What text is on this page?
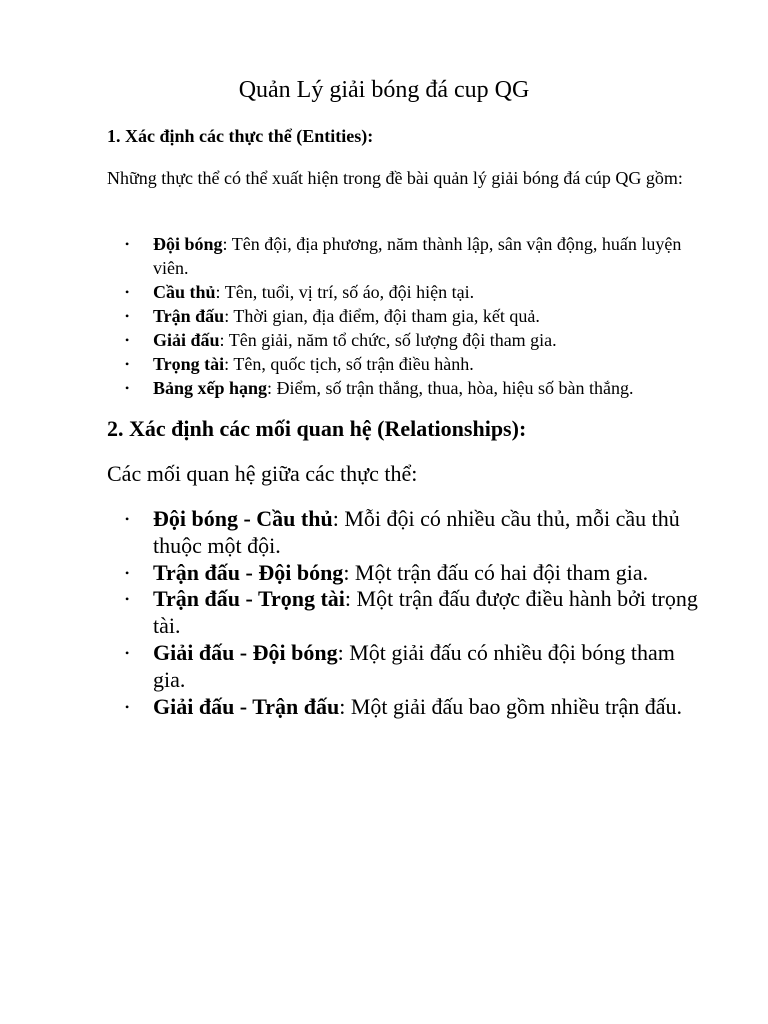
Quản Lý giải bóng đá cup QG
1. Xác định các thực thể (Entities):

Những thực thể có thể xuất hiện trong đề bài quản lý giải bóng đá cúp QG gồm:

• Đội bóng: Tên đội, địa phương, năm thành lập, sân vận động, huấn luyện viên.
• Cầu thủ: Tên, tuổi, vị trí, số áo, đội hiện tại.
• Trận đấu: Thời gian, địa điểm, đội tham gia, kết quả.
• Giải đấu: Tên giải, năm tổ chức, số lượng đội tham gia.
• Trọng tài: Tên, quốc tịch, số trận điều hành.
• Bảng xếp hạng: Điểm, số trận thắng, thua, hòa, hiệu số bàn thắng.
2. Xác định các mối quan hệ (Relationships):

Các mối quan hệ giữa các thực thể:

• Đội bóng - Cầu thủ: Mỗi đội có nhiều cầu thủ, mỗi cầu thủ thuộc một đội.
• Trận đấu - Đội bóng: Một trận đấu có hai đội tham gia.
• Trận đấu - Trọng tài: Một trận đấu được điều hành bởi trọng tài.
• Giải đấu - Đội bóng: Một giải đấu có nhiều đội bóng tham gia.
• Giải đấu - Trận đấu: Một giải đấu bao gồm nhiều trận đấu.
